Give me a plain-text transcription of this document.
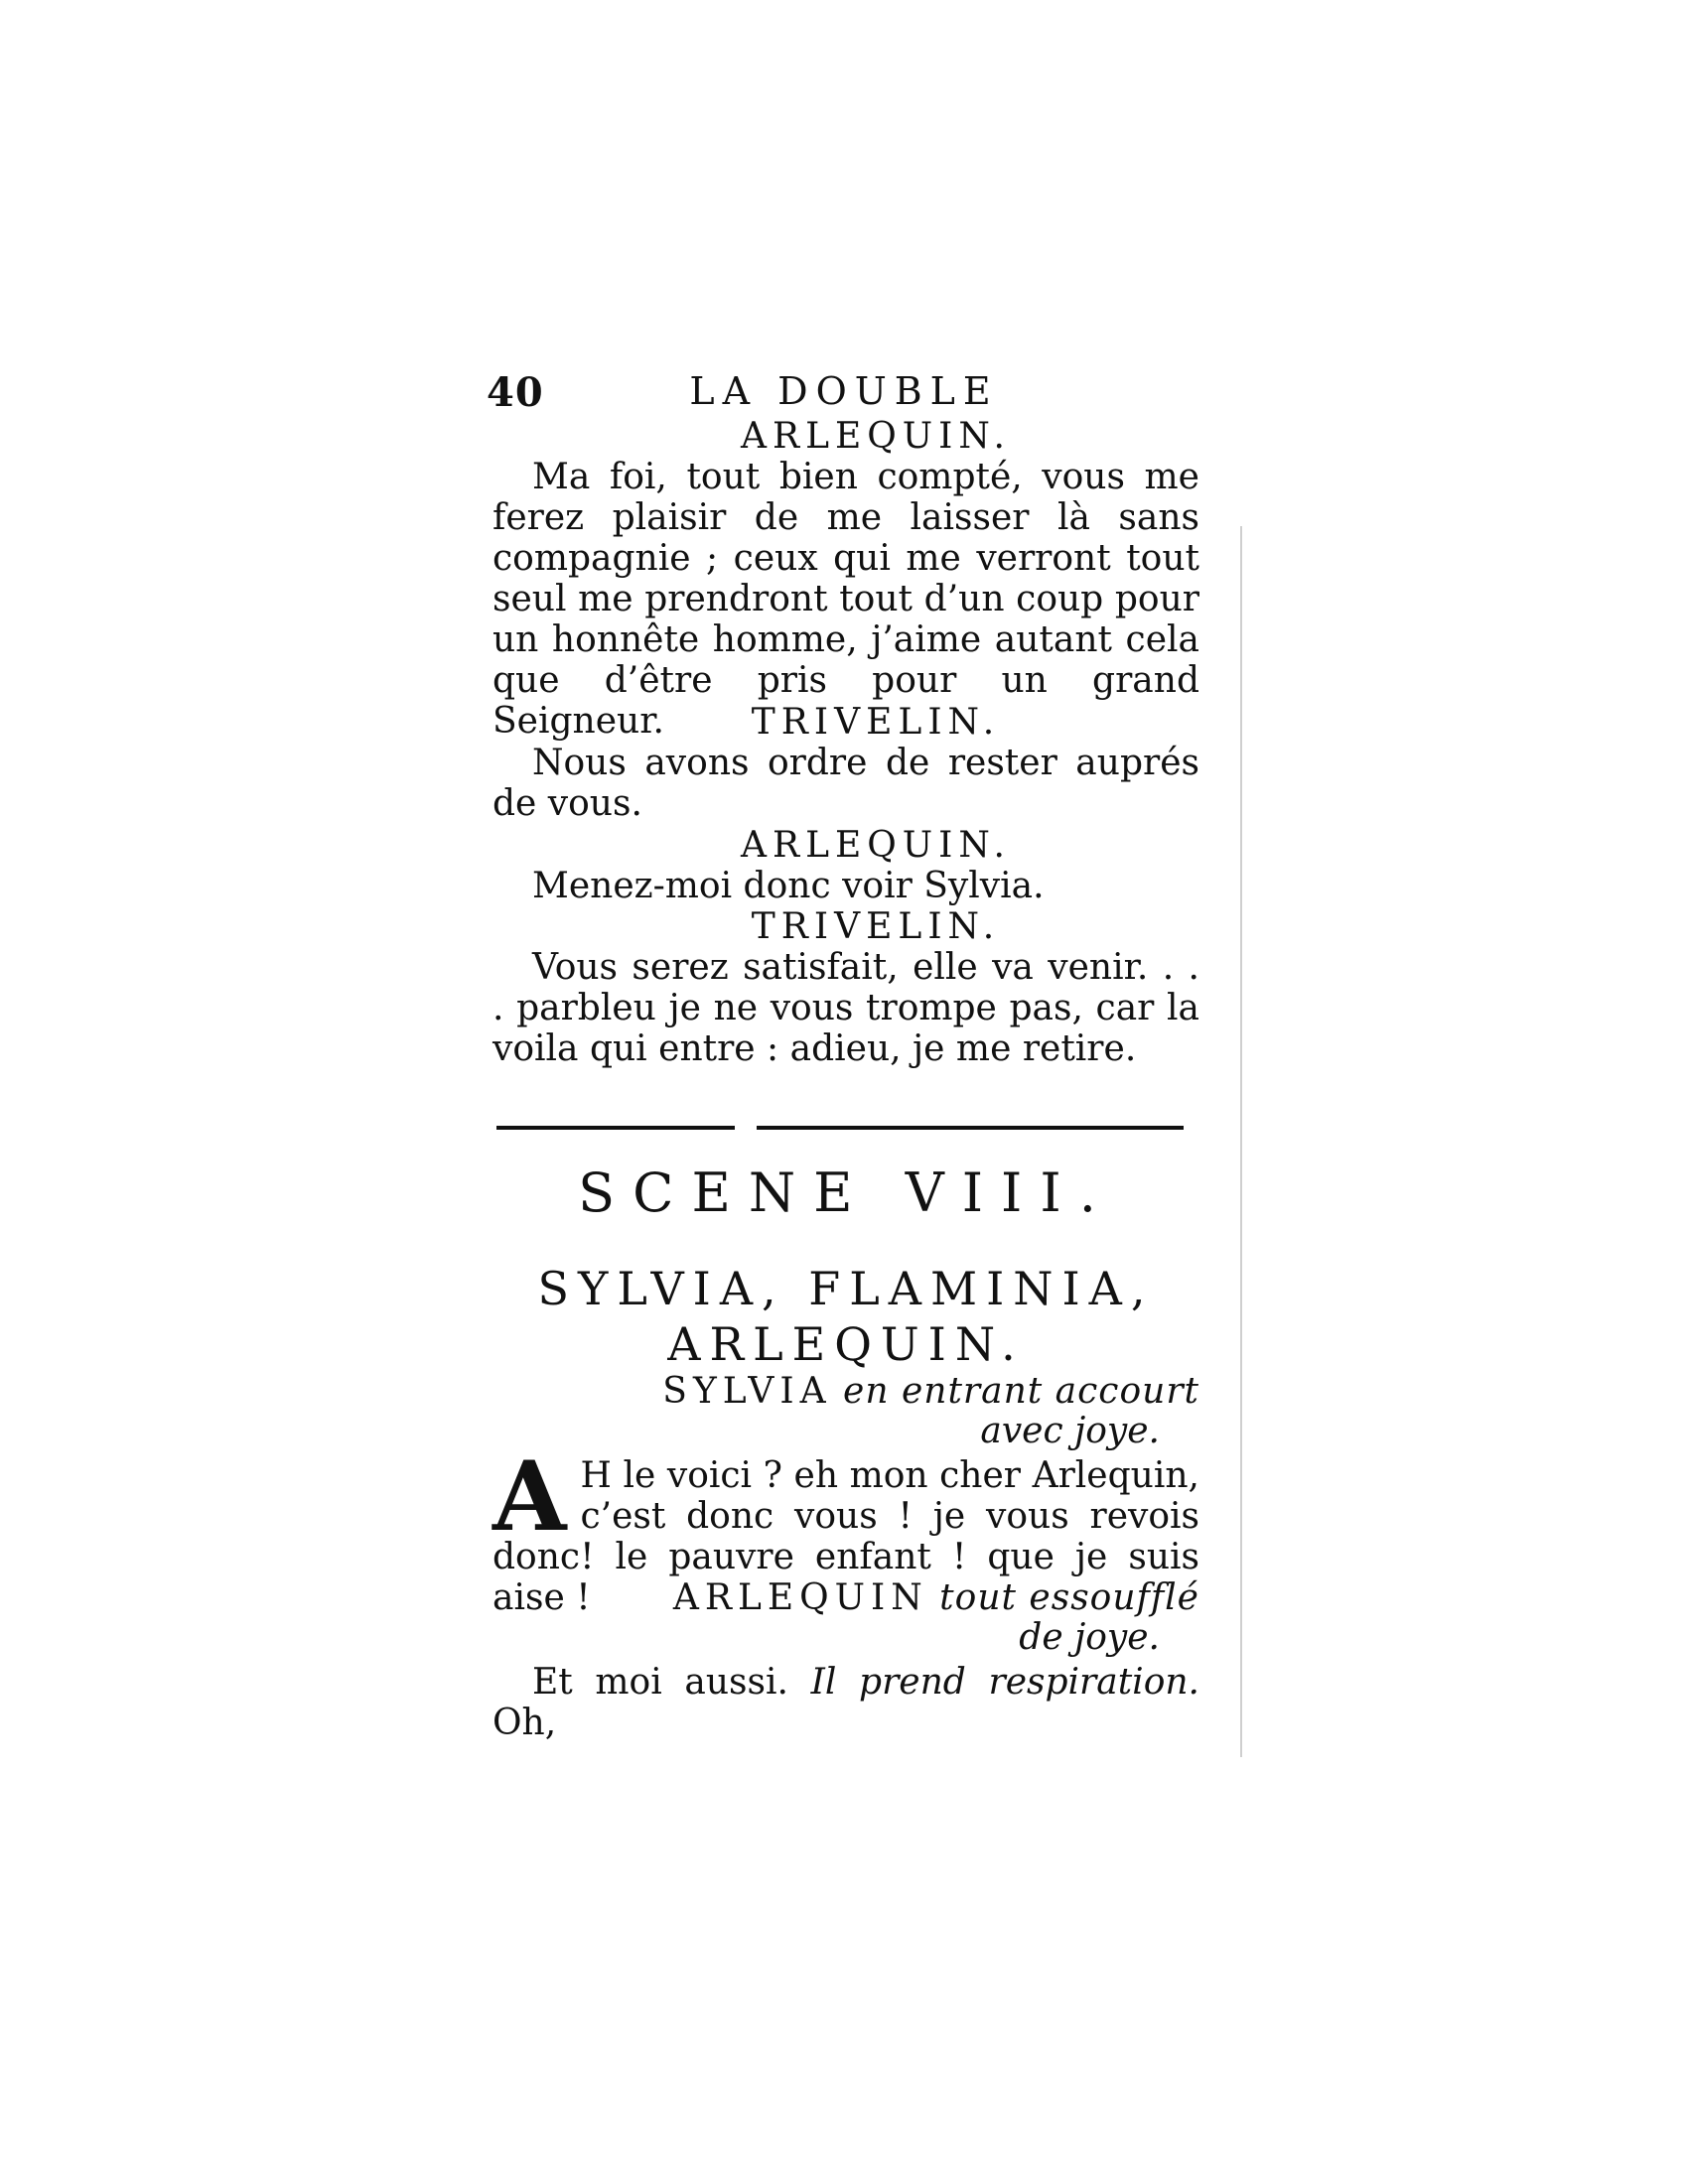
40	LA DOUBLE
ARLEQUIN.

Ma foi, tout bien compté, vous me ferez plaisir de me laisser là sans compagnie ; ceux qui me verront tout seul me prendront tout d’un coup pour un honnête homme, j’aime autant cela que d’être pris pour un grand Seigneur.	TRIVELIN.

Nous avons ordre de rester auprés de vous.

ARLEQUIN.

Menez-moi donc voir Sylvia.

TRIVELIN.

Vous serez satisfait, elle va venir. . . . parbleu je ne vous trompe pas, car la voila qui entre : adieu, je me retire.

SCENE VIII.
SYLVIA, FLAMINIA,
ARLEQUIN.
SYLVIA en entrant accourt
avec joye.
A H le voici ? eh mon cher Arlequin, c’est donc vous ! je vous revois donc! le pauvre enfant ! que je suis aise !	ARLEQUIN tout essoufflé
de joye.

Et moi aussi. Il prend respiration. Oh,
